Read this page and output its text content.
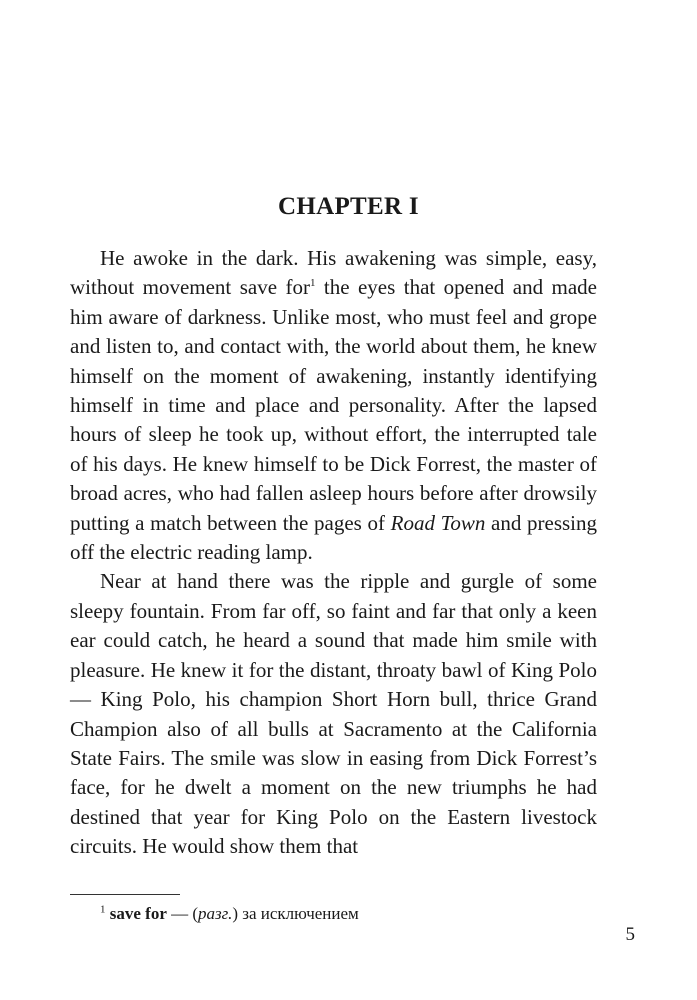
CHAPTER I

He awoke in the dark. His awakening was simple, easy, without movement save for$^1$ the eyes that opened and made him aware of darkness. Unlike most, who must feel and grope and listen to, and contact with, the world about them, he knew himself on the moment of awakening, instantly identifying himself in time and place and personality. After the lapsed hours of sleep he took up, without effort, the interrupted tale of his days. He knew himself to be Dick Forrest, the master of broad acres, who had fallen asleep hours before after drowsily putting a match between the pages of Road Town and pressing off the electric reading lamp.

Near at hand there was the ripple and gurgle of some sleepy fountain. From far off, so faint and far that only a keen ear could catch, he heard a sound that made him smile with pleasure. He knew it for the distant, throaty bawl of King Polo — King Polo, his champion Short Horn bull, thrice Grand Champion also of all bulls at Sacramento at the California State Fairs. The smile was slow in easing from Dick Forrest’s face, for he dwelt a moment on the new triumphs he had destined that year for King Polo on the Eastern livestock circuits. He would show them that

$^1$ save for — (разг.) за исключением
5
